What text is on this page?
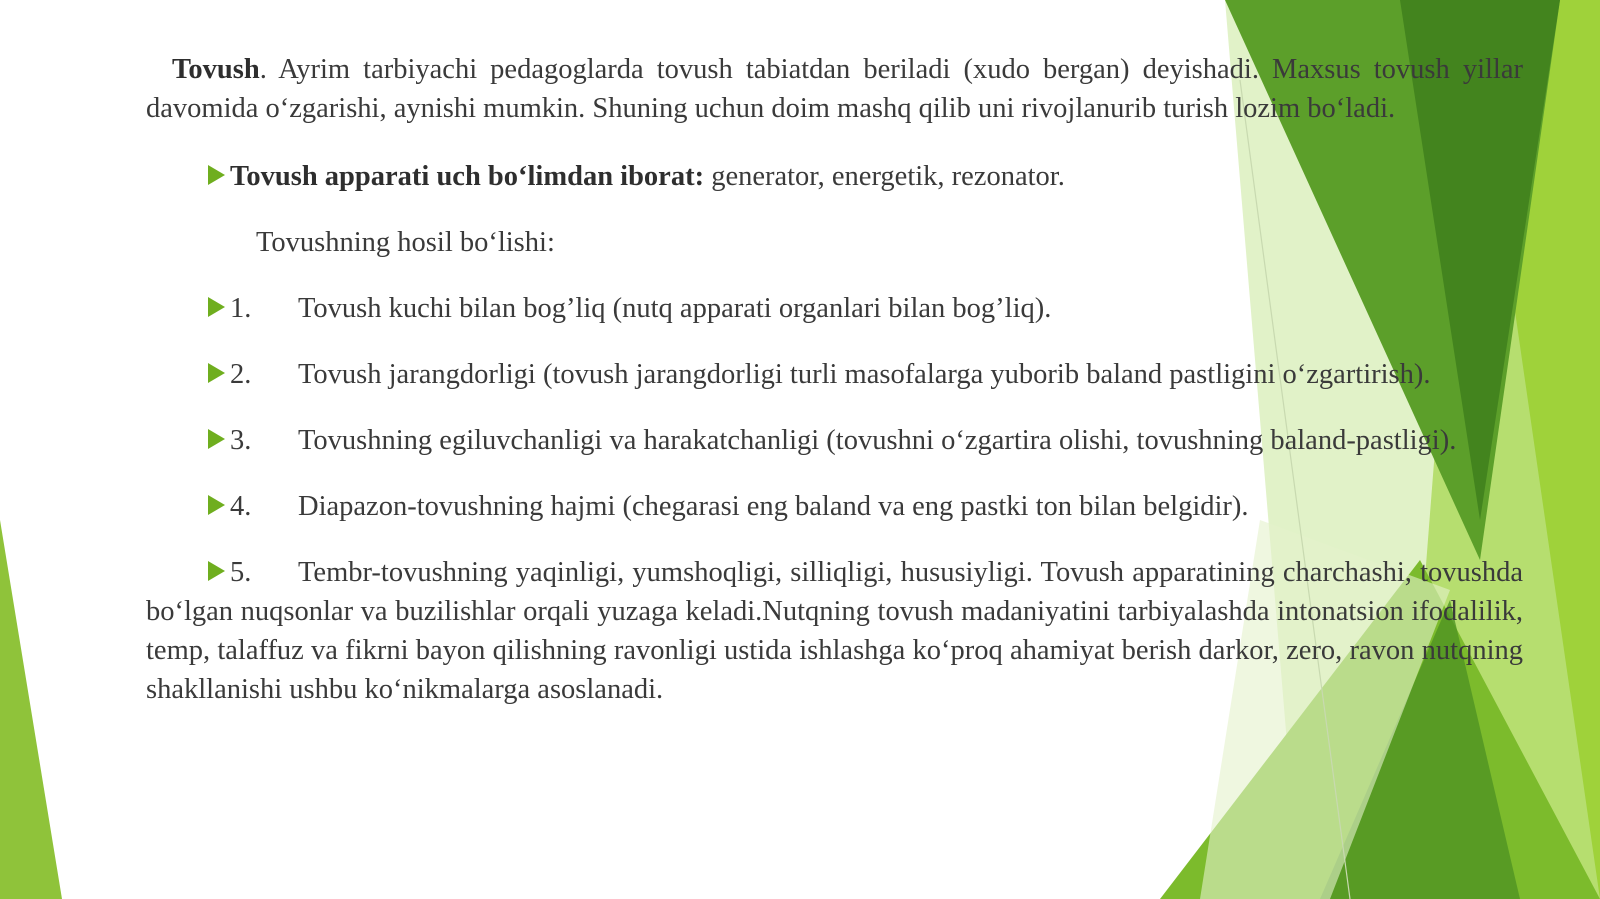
Tovush. Ayrim tarbiyachi pedagoglarda tovush tabiatdan beriladi (xudo bergan) deyishadi. Maxsus tovush yillar davomida o‘zgarishi, aynishi mumkin. Shuning uchun doim mashq qilib uni rivojlanurib turish lozim bo‘ladi.
Tovush apparati uch bo‘limdan iborat: generator, energetik, rezonator.
Tovushning hosil bo‘lishi:
1. Tovush kuchi bilan bog’liq (nutq apparati organlari bilan bog’liq).
2. Tovush jarangdorligi (tovush jarangdorligi turli masofalarga yuborib baland pastligini o‘zgartirish).
3. Tovushning egiluvchanligi va harakatchanligi (tovushni o‘zgartira olishi, tovushning baland-pastligi).
4. Diapazon-tovushning hajmi (chegarasi eng baland va eng pastki ton bilan belgidir).
5. Tembr-tovushning yaqinligi, yumshoqligi, silliqligi, hususiyligi. Tovush apparatining charchashi, tovushda bo‘lgan nuqsonlar va buzilishlar orqali yuzaga keladi.Nutqning tovush madaniyatini tarbiyalashda intonatsion ifodalilik, temp, talaffuz va fikrni bayon qilishning ravonligi ustida ishlashga ko‘proq ahamiyat berish darkor, zero, ravon nutqning shakllanishi ushbu ko‘nikmalarga asoslanadi.
